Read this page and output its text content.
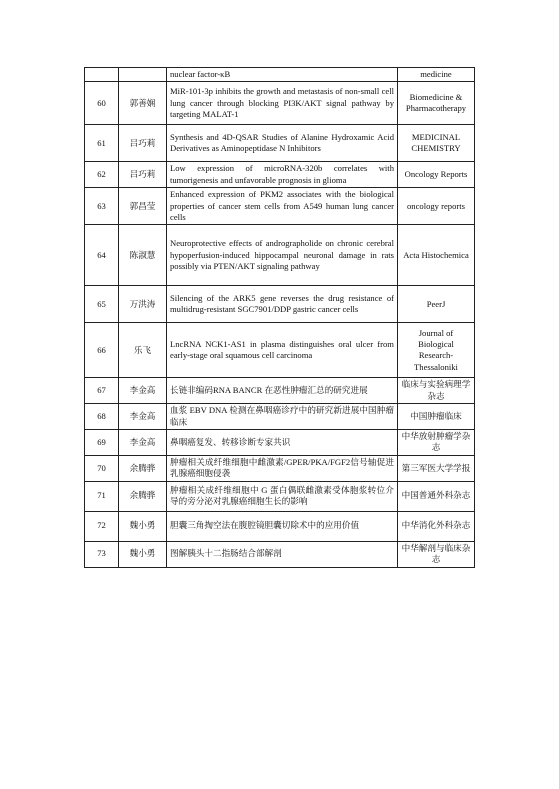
		nuclear factor-κB	medicine
60	郭善娴	MiR-101-3p inhibits the growth and metastasis of non-small cell lung cancer through blocking PI3K/AKT signal pathway by targeting MALAT-1	Biomedicine & Pharmacotherapy
61	吕巧莉	Synthesis and 4D-QSAR Studies of Alanine Hydroxamic Acid Derivatives as Aminopeptidase N Inhibitors	MEDICINAL CHEMISTRY
62	吕巧莉	Low expression of microRNA-320b correlates with tumorigenesis and unfavorable prognosis in glioma	Oncology Reports
63	郭昌莹	Enhanced expression of PKM2 associates with the biological properties of cancer stem cells from A549 human lung cancer cells	oncology reports
64	陈淑慧	Neuroprotective effects of andrographolide on chronic cerebral hypoperfusion-induced hippocampal neuronal damage in rats possibly via PTEN/AKT signaling pathway	Acta Histochemica
65	万洪涛	Silencing of the ARK5 gene reverses the drug resistance of multidrug-resistant SGC7901/DDP gastric cancer cells	PeerJ
66	乐飞	LncRNA NCK1-AS1 in plasma distinguishes oral ulcer from early-stage oral squamous cell carcinoma	Journal of Biological Research-Thessaloniki
67	李金高	长链非编码RNA BANCR 在恶性肿瘤汇总的研究进展	临床与实验病理学杂志
68	李金高	血浆 EBV DNA 检测在鼻咽癌诊疗中的研究新进展中国肿瘤临床	中国肿瘤临床
69	李金高	鼻咽癌复发、转移诊断专家共识	中华放射肿瘤学杂志
70	余腾骅	肿瘤相关成纤维细胞中雌激素/GPER/PKA/FGF2信号轴促进乳腺癌细胞侵袭	第三军医大学学报
71	余腾骅	肿瘤相关成纤维细胞中 G 蛋白偶联雌激素受体胞浆转位介导的旁分泌对乳腺癌细胞生长的影响	中国普通外科杂志
72	魏小勇	胆囊三角掏空法在腹腔镜胆囊切除术中的应用价值	中华消化外科杂志
73	魏小勇	图解胰头十二指肠结合部解剖	中华解剖与临床杂志
